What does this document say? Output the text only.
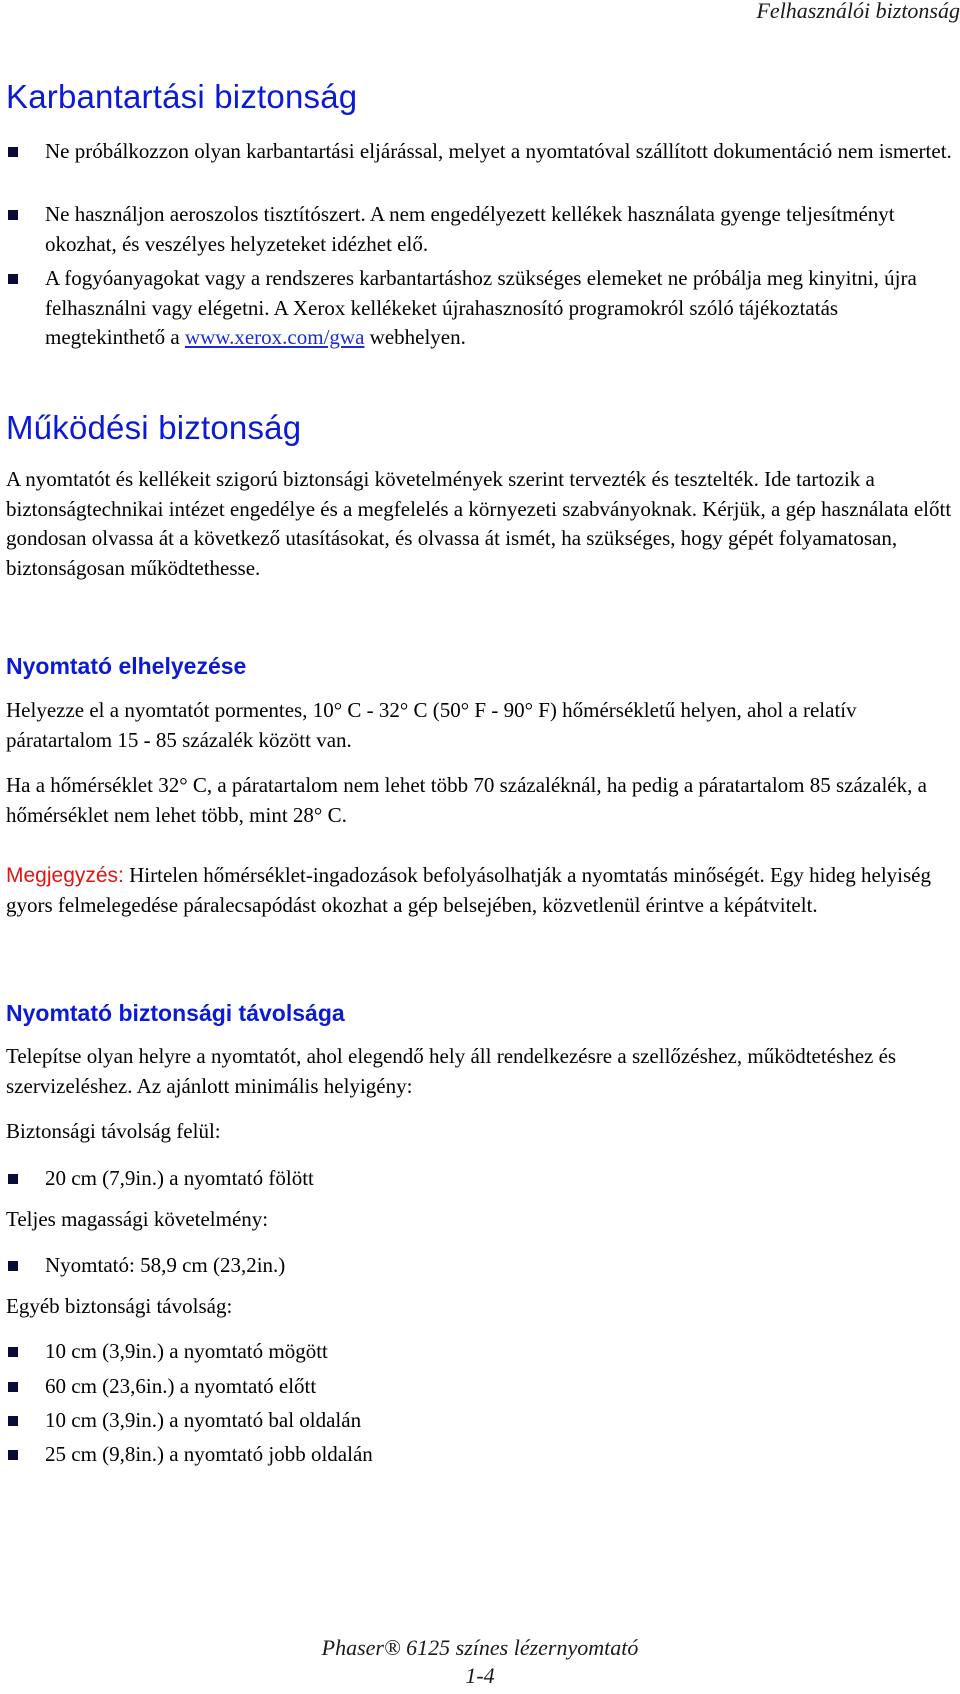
Felhasználói biztonság
Karbantartási biztonság
Ne próbálkozzon olyan karbantartási eljárással, melyet a nyomtatóval szállított dokumentáció nem ismertet.
Ne használjon aeroszolos tisztítószert. A nem engedélyezett kellékek használata gyenge teljesítményt okozhat, és veszélyes helyzeteket idézhet elő.
A fogyóanyagokat vagy a rendszeres karbantartáshoz szükséges elemeket ne próbálja meg kinyitni, újra felhasználni vagy elégetni. A Xerox kellékeket újrahasznosító programokról szóló tájékoztatás megtekinthető a www.xerox.com/gwa webhelyen.
Működési biztonság

A nyomtatót és kellékeit szigorú biztonsági követelmények szerint tervezték és tesztelték. Ide tartozik a biztonságtechnikai intézet engedélye és a megfelelés a környezeti szabványoknak. Kérjük, a gép használata előtt gondosan olvassa át a következő utasításokat, és olvassa át ismét, ha szükséges, hogy gépét folyamatosan, biztonságosan működtethesse.

Nyomtató elhelyezése

Helyezze el a nyomtatót pormentes, 10° C - 32° C (50° F - 90° F) hőmérsékletű helyen, ahol a relatív páratartalom 15 - 85 százalék között van.

Ha a hőmérséklet 32° C, a páratartalom nem lehet több 70 százaléknál, ha pedig a páratartalom 85 százalék, a hőmérséklet nem lehet több, mint 28° C.

Megjegyzés: Hirtelen hőmérséklet-ingadozások befolyásolhatják a nyomtatás minőségét. Egy hideg helyiség gyors felmelegedése páralecsapódást okozhat a gép belsejében, közvetlenül érintve a képátvitelt.

Nyomtató biztonsági távolsága

Telepítse olyan helyre a nyomtatót, ahol elegendő hely áll rendelkezésre a szellőzéshez, működtetéshez és szervizeléshez. Az ajánlott minimális helyigény:

Biztonsági távolság felül:

20 cm (7,9in.) a nyomtató fölött

Teljes magassági követelmény:

Nyomtató: 58,9 cm (23,2in.)

Egyéb biztonsági távolság:

10 cm (3,9in.) a nyomtató mögött
60 cm (23,6in.) a nyomtató előtt
10 cm (3,9in.) a nyomtató bal oldalán
25 cm (9,8in.) a nyomtató jobb oldalán
1-4
Phaser® 6125 színes lézernyomtató
